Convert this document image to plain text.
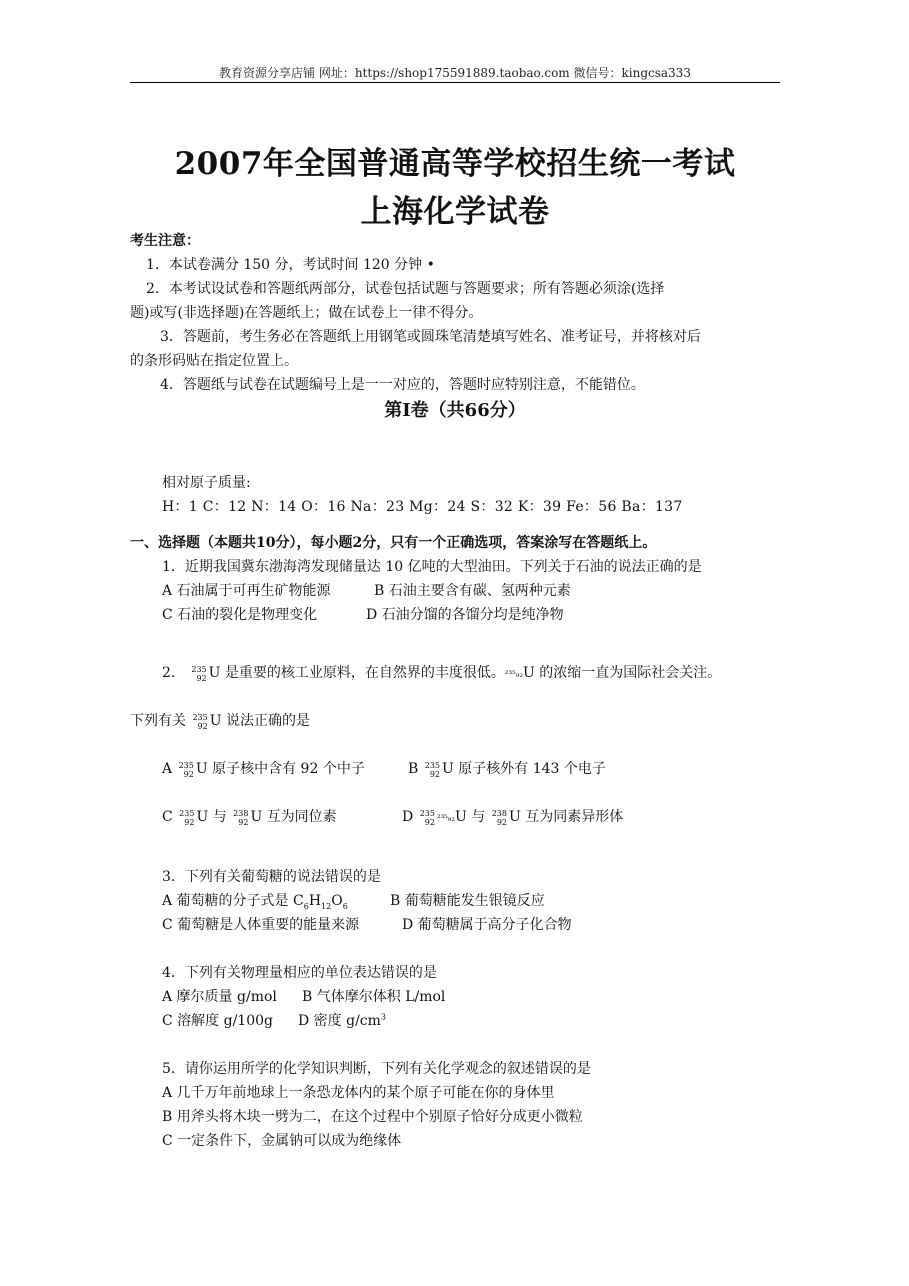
教育资源分享店铺 网址：https://shop175591889.taobao.com 微信号：kingcsa333
2007年全国普通高等学校招生统一考试
上海化学试卷
考生注意：
1．本试卷满分 150 分，考试时间 120 分钟 •
2．本考试设试卷和答题纸两部分，试卷包括试题与答题要求；所有答题必须涂(选择
题)或写(非选择题)在答题纸上；做在试卷上一律不得分。
3．答题前，考生务必在答题纸上用钢笔或圆珠笔清楚填写姓名、准考证号，并将核对后
的条形码贴在指定位置上。
4．答题纸与试卷在试题编号上是一一对应的，答题时应特别注意，不能错位。
第I卷（共66分）
相对原子质量:
H：1 C：12 N：14 O：16 Na：23 Mg：24 S：32 K：39 Fe：56 Ba：137
一、选择题（本题共10分），每小题2分，只有一个正确选项，答案涂写在答题纸上。
1．近期我国冀东渤海湾发现储量达 10 亿吨的大型油田。下列关于石油的说法正确的是
A 石油属于可再生矿物能源	B 石油主要含有碳、氢两种元素
C 石油的裂化是物理变化	D 石油分馏的各馏分均是纯净物
2． 235
92 U 是重要的核工业原料，在自然界的丰度很低。²³⁵₉₂U 的浓缩一直为国际社会关注。
下列有关 235
92 U 说法正确的是
A 235
92 U 原子核中含有 92 个中子	B 235
92 U 原子核外有 143 个电子
C 235
92 U 与 238
92 U 互为同位素	D 235
92 ²³⁵₉₂U 与 238
92 U 互为同素异形体
3．下列有关葡萄糖的说法错误的是
A 葡萄糖的分子式是 $C_6H_{12}O_6$	B 葡萄糖能发生银镜反应
C 葡萄糖是人体重要的能量来源	D 葡萄糖属于高分子化合物
4．下列有关物理量相应的单位表达错误的是
A 摩尔质量 g/mol B 气体摩尔体积 L/mol
C 溶解度 g/100g D 密度 $g/cm^3$
5．请你运用所学的化学知识判断，下列有关化学观念的叙述错误的是
A 几千万年前地球上一条恐龙体内的某个原子可能在你的身体里
B 用斧头将木块一劈为二，在这个过程中个别原子恰好分成更小微粒
C 一定条件下，金属钠可以成为绝缘体
